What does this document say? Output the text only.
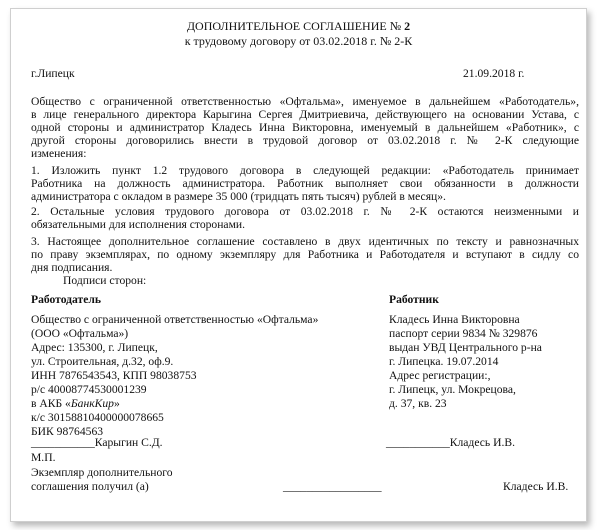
ДОПОЛНИТЕЛЬНОЕ СОГЛАШЕНИЕ № 2
к трудовому договору от 03.02.2018 г. № 2-К
г.Липецк	21.09.2018 г.
Общество с ограниченной ответственностью «Офтальма», именуемое в дальнейшем «Работодатель»,
в лице генерального директора Карыгина Сергея Дмитриевича, действующего на основании Устава, с
одной стороны и администратор Кладесь Инна Викторовна, именуемый в дальнейшем «Работник», с
другой стороны договорились внести в трудовой договор от 03.02.2018 г. № 2-К следующие
изменения:
1. Изложить пункт 1.2 трудового договора в следующей редакции: «Работодатель принимает
Работника на должность администратора. Работник выполняет свои обязанности в должности
администратора с окладом в размере 35 000 (тридцать пять тысяч) рублей в месяц».
2. Остальные условия трудового договора от 03.02.2018 г. № 2-К остаются неизменными и
обязательными для исполнения сторонами.
3. Настоящее дополнительное соглашение составлено в двух идентичных по тексту и равнозначных
по праву экземплярах, по одному экземпляру для Работника и Работодателя и вступают в сидлу со
дня подписания.
Подписи сторон:
Работодатель
Общество с ограниченной ответственностью «Офтальма»
(ООО «Офтальма»)
Адрес: 135300, г. Липецк,
ул. Строительная, д.32, оф.9.
ИНН 7876543543, КПП 98038753
р/с 40008774530001239
в АКБ «БанкКир»
к/с 30158810400000078665
БИК 98764563
Работник
Кладесь Инна Викторовна
паспорт серии 9834 № 329876
выдан УВД Центрального р-на
г. Липецка. 19.07.2014
Адрес регистрации:,
г. Липецк, ул. Мокрецова,
д. 37, кв. 23
___________Карыгин С.Д.	___________Кладесь И.В.
М.П.
Экземпляр дополнительного
соглашения получил (а)	_________________	Кладесь И.В.
